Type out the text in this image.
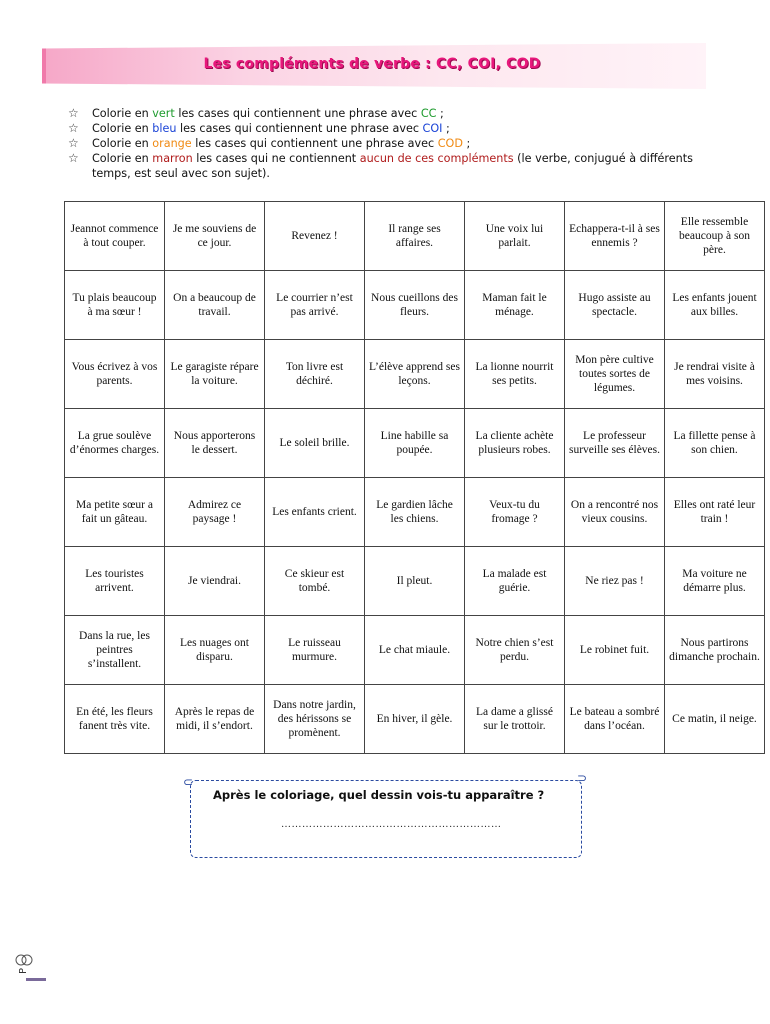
Les compléments de verbe : CC, COI, COD
☆	Colorie en vert les cases qui contiennent une phrase avec CC ;
☆	Colorie en bleu les cases qui contiennent une phrase avec COI ;
☆	Colorie en orange les cases qui contiennent une phrase avec COD ;
☆	Colorie en marron les cases qui ne contiennent aucun de ces compléments (le verbe, conjugué à différents temps, est seul avec son sujet).
Jeannot commence à tout couper.	Je me souviens de ce jour.	Revenez !	Il range ses affaires.	Une voix lui parlait.	Echappera-t-il à ses ennemis ?	Elle ressemble beaucoup à son père.
Tu plais beaucoup à ma sœur !	On a beaucoup de travail.	Le courrier n’est pas arrivé.	Nous cueillons des fleurs.	Maman fait le ménage.	Hugo assiste au spectacle.	Les enfants jouent aux billes.
Vous écrivez à vos parents.	Le garagiste répare la voiture.	Ton livre est déchiré.	L’élève apprend ses leçons.	La lionne nourrit ses petits.	Mon père cultive toutes sortes de légumes.	Je rendrai visite à mes voisins.
La grue soulève d’énormes charges.	Nous apporterons le dessert.	Le soleil brille.	Line habille sa poupée.	La cliente achète plusieurs robes.	Le professeur surveille ses élèves.	La fillette pense à son chien.
Ma petite sœur a fait un gâteau.	Admirez ce paysage !	Les enfants crient.	Le gardien lâche les chiens.	Veux-tu du fromage ?	On a rencontré nos vieux cousins.	Elles ont raté leur train !
Les touristes arrivent.	Je viendrai.	Ce skieur est tombé.	Il pleut.	La malade est guérie.	Ne riez pas !	Ma voiture ne démarre plus.
Dans la rue, les peintres s’installent.	Les nuages ont disparu.	Le ruisseau murmure.	Le chat miaule.	Notre chien s’est perdu.	Le robinet fuit.	Nous partirons dimanche prochain.
En été, les fleurs fanent très vite.	Après le repas de midi, il s’endort.	Dans notre jardin, des hérissons se promènent.	En hiver, il gèle.	La dame a glissé sur le trottoir.	Le bateau a sombré dans l’océan.	Ce matin, il neige.
⊂	⊃
Après le coloriage, quel dessin vois-tu apparaître ?
………………………………………………………
P
